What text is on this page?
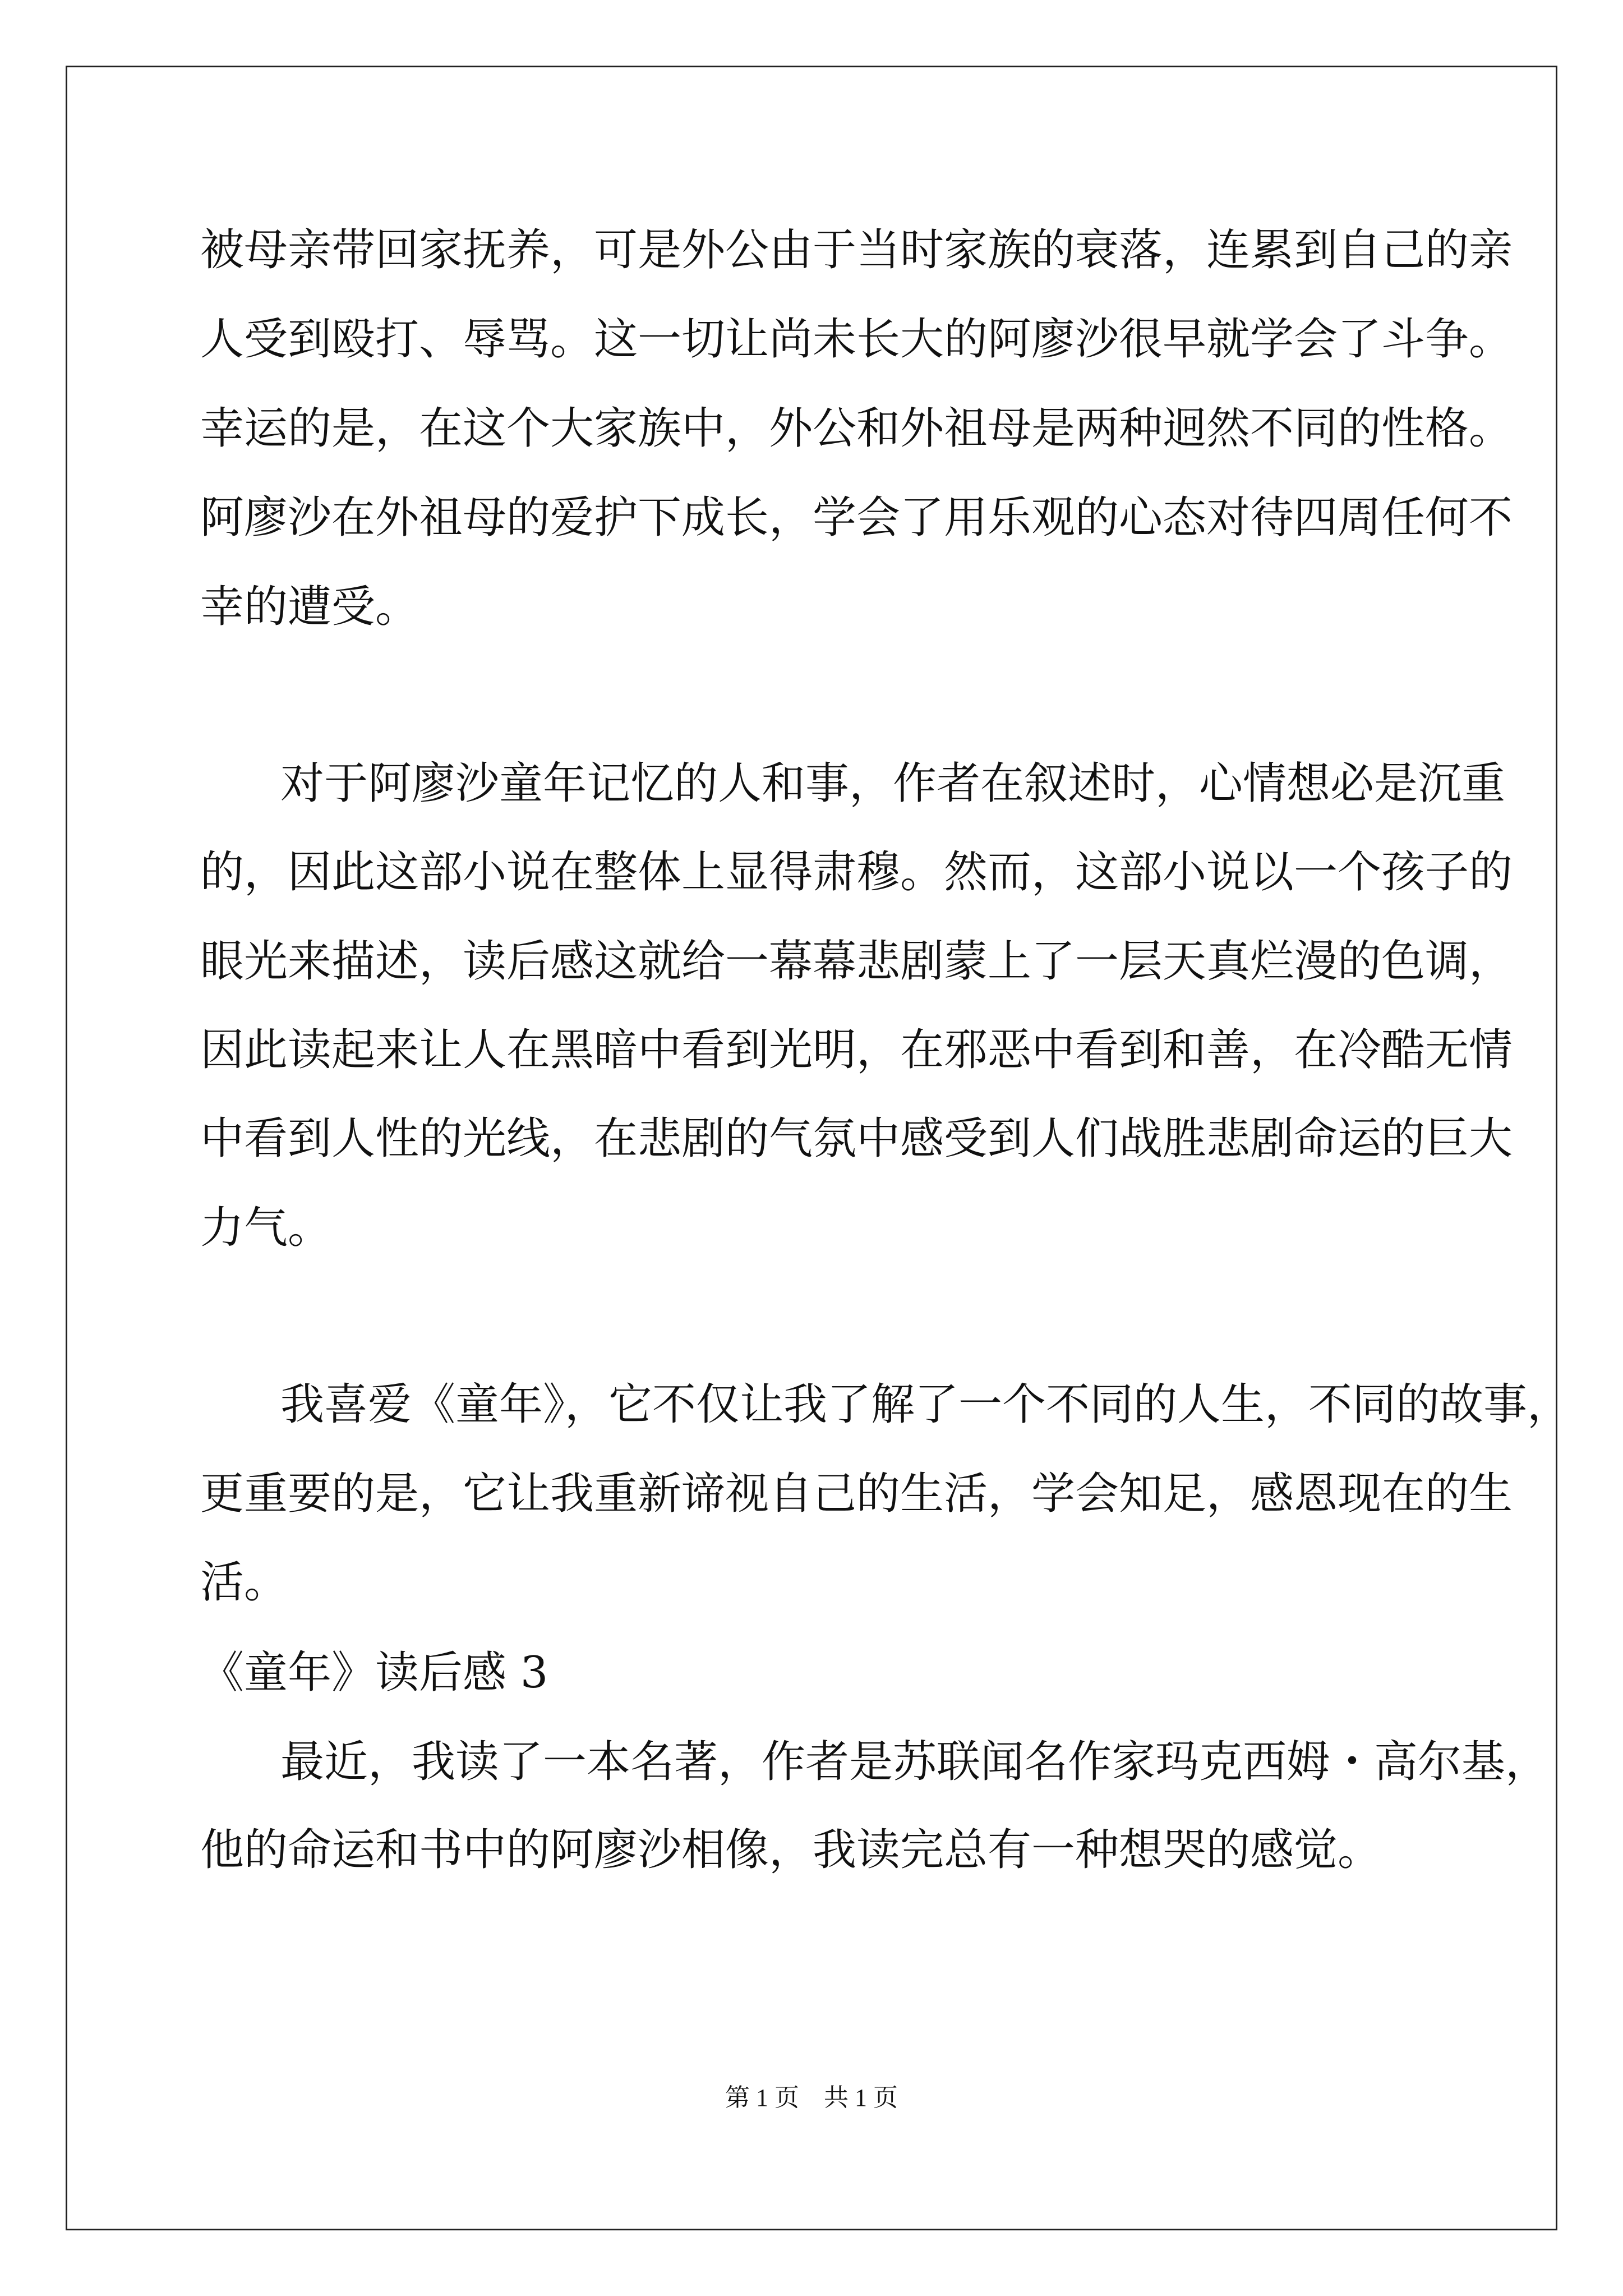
被母亲带回家抚养，可是外公由于当时家族的衰落，连累到自己的亲
人受到殴打、辱骂。这一切让尚未长大的阿廖沙很早就学会了斗争。
幸运的是，在这个大家族中，外公和外祖母是两种迥然不同的性格。
阿廖沙在外祖母的爱护下成长，学会了用乐观的心态对待四周任何不
幸的遭受。
对于阿廖沙童年记忆的人和事，作者在叙述时，心情想必是沉重
的，因此这部小说在整体上显得肃穆。然而，这部小说以一个孩子的
眼光来描述，读后感这就给一幕幕悲剧蒙上了一层天真烂漫的色调，
因此读起来让人在黑暗中看到光明，在邪恶中看到和善，在冷酷无情
中看到人性的光线，在悲剧的气氛中感受到人们战胜悲剧命运的巨大
力气。
我喜爱《童年》，它不仅让我了解了一个不同的人生，不同的故事，
更重要的是，它让我重新谛视自己的生活，学会知足，感恩现在的生
活。
《童年》读后感 3
最近，我读了一本名著，作者是苏联闻名作家玛克西姆・高尔基，
他的命运和书中的阿廖沙相像，我读完总有一种想哭的感觉。
第 1 页    共 1 页
